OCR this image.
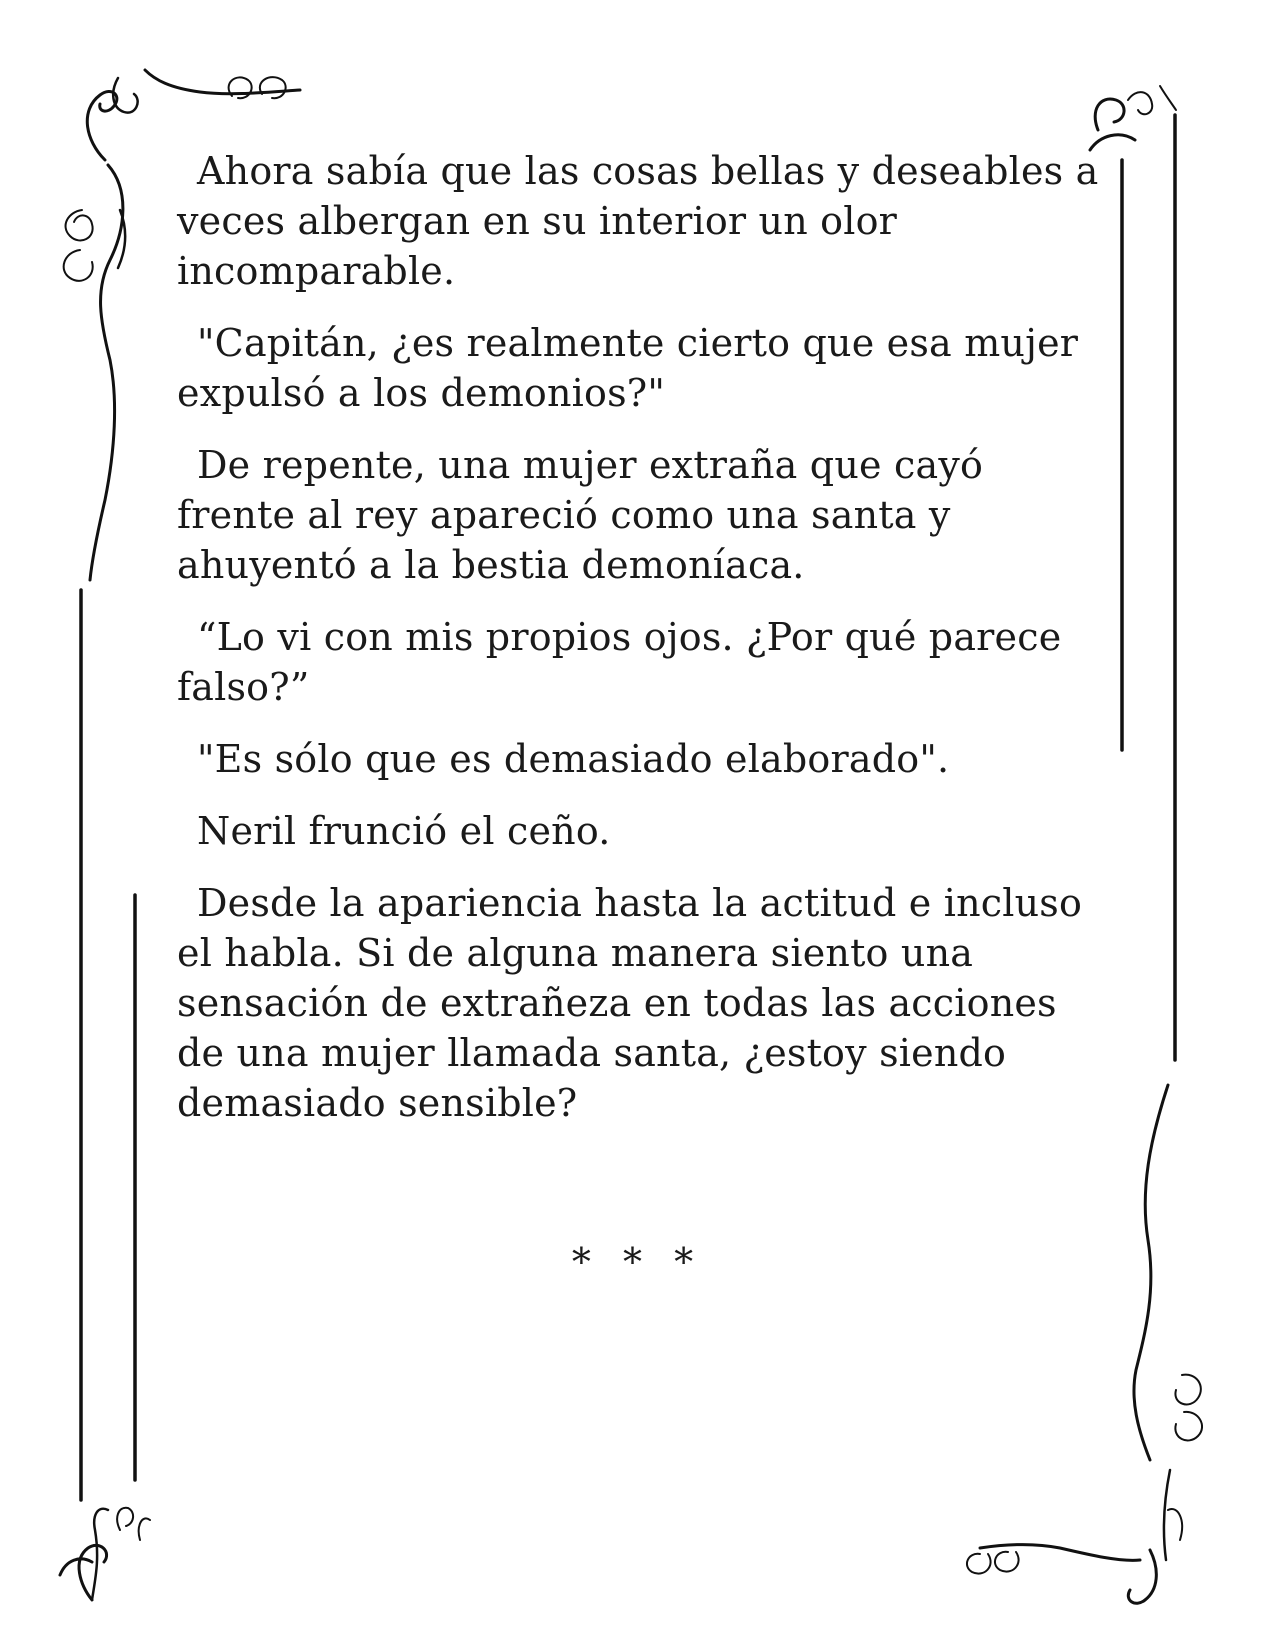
Ahora sabía que las cosas bellas y deseables a veces albergan en su interior un olor incomparable.

"Capitán, ¿es realmente cierto que esa mujer expulsó a los demonios?"

De repente, una mujer extraña que cayó frente al rey apareció como una santa y ahuyentó a la bestia demoníaca.

“Lo vi con mis propios ojos. ¿Por qué parece falso?”

"Es sólo que es demasiado elaborado".

Neril frunció el ceño.

Desde la apariencia hasta la actitud e incluso el habla. Si de alguna manera siento una sensación de extrañeza en todas las acciones de una mujer llamada santa, ¿estoy siendo demasiado sensible?

* * *
